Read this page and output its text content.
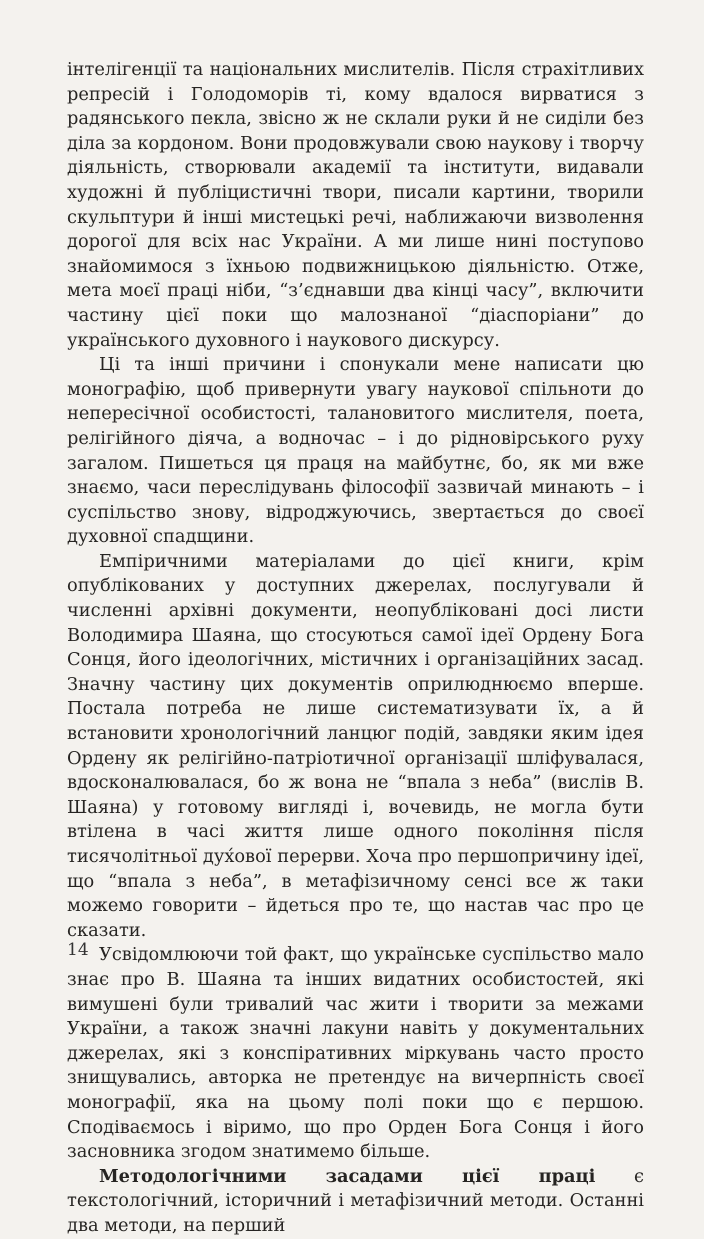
інтелігенції та національних мислителів. Після страхітливих репресій і Голодоморів ті, кому вдалося вирватися з радянського пекла, звісно ж не склали руки й не сиділи без діла за кордоном. Вони продовжували свою наукову і творчу діяльність, створювали академії та інститути, видавали художні й публіцистичні твори, писали картини, творили скульптури й інші мистецькі речі, наближаючи визволення дорогої для всіх нас України. А ми лише нині поступово знайомимося з їхньою подвижницькою діяльністю. Отже, мета моєї праці ніби, “з’єднавши два кінці часу”, включити частину цієї поки що малознаної “діаспоріани” до українського духовного і наукового дискурсу.

Ці та інші причини і спонукали мене написати цю монографію, щоб привернути увагу наукової спільноти до непересічної особистості, талановитого мислителя, поета, релігійного діяча, а водночас – і до рідновірського руху загалом. Пишеться ця праця на майбутнє, бо, як ми вже знаємо, часи переслідувань філософії зазвичай минають – і суспільство знову, відроджуючись, звертається до своєї духовної спадщини.

Емпіричними матеріалами до цієї книги, крім опублікованих у доступних джерелах, послугували й численні архівні документи, неопубліковані досі листи Володимира Шаяна, що стосуються самої ідеї Ордену Бога Сонця, його ідеологічних, містичних і організаційних засад. Значну частину цих документів оприлюднюємо вперше. Постала потреба не лише систематизувати їх, а й встановити хронологічний ланцюг подій, завдяки яким ідея Ордену як релігійно-патріотичної організації шліфувалася, вдосконалювалася, бо ж вона не “впала з неба” (вислів В. Шаяна) у готовому вигляді і, вочевидь, не могла бути втілена в часі життя лише одного покоління після тисячолітньої дух́ової перерви. Хоча про першопричину ідеї, що “впала з неба”, в метафізичному сенсі все ж таки можемо говорити – йдеться про те, що настав час про це сказати.

Усвідомлюючи той факт, що українське суспільство мало знає про В. Шаяна та інших видатних особистостей, які вимушені були тривалий час жити і творити за межами України, а також значні лакуни навіть у документальних джерелах, які з конспіративних міркувань часто просто знищувались, авторка не претендує на вичерпність своєї монографії, яка на цьому полі поки що є першою. Сподіваємось і віримо, що про Орден Бога Сонця і його засновника згодом знатимемо більше.

Методологічними засадами цієї праці є текстологічний, історичний і метафізичний методи. Останні два методи, на перший

14
